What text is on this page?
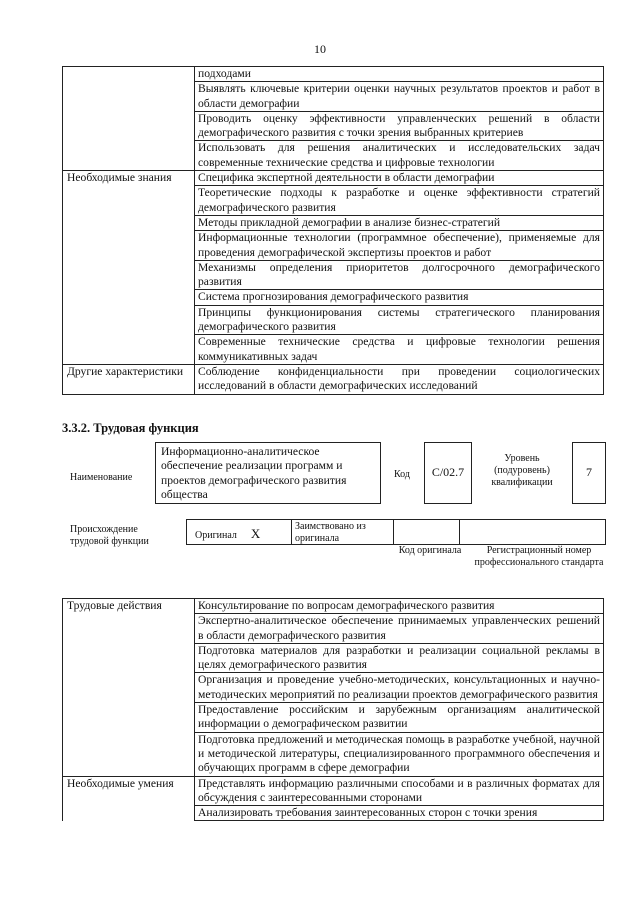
10
	подходами
	Выявлять ключевые критерии оценки научных результатов проектов и работ в области демографии
	Проводить оценку эффективности управленческих решений в области демографического развития с точки зрения выбранных критериев
	Использовать для решения аналитических и исследовательских задач современные технические средства и цифровые технологии
Необходимые знания	Специфика экспертной деятельности в области демографии
	Теоретические подходы к разработке и оценке эффективности стратегий демографического развития
	Методы прикладной демографии в анализе бизнес-стратегий
	Информационные технологии (программное обеспечение), применяемые для проведения демографической экспертизы проектов и работ
	Механизмы определения приоритетов долгосрочного демографического развития
	Система прогнозирования демографического развития
	Принципы функционирования системы стратегического планирования демографического развития
	Современные технические средства и цифровые технологии решения коммуникативных задач
Другие характеристики	Соблюдение конфиденциальности при проведении социологических исследований в области демографических исследований
3.3.2. Трудовая функция
Наименование
Информационно-аналитическое обеспечение реализации программ и проектов демографического развития общества
Код	C/02.7
Уровень (подуровень) квалификации
7
Происхождение трудовой функции
Оригинал X	Заимствовано из оригинала
Код оригинала	Регистрационный номер профессионального стандарта
Трудовые действия	Консультирование по вопросам демографического развития
	Экспертно-аналитическое обеспечение принимаемых управленческих решений в области демографического развития
	Подготовка материалов для разработки и реализации социальной рекламы в целях демографического развития
	Организация и проведение учебно-методических, консультационных и научно-методических мероприятий по реализации проектов демографического развития
	Предоставление российским и зарубежным организациям аналитической информации о демографическом развитии
	Подготовка предложений и методическая помощь в разработке учебной, научной и методической литературы, специализированного программного обеспечения и обучающих программ в сфере демографии
Необходимые умения	Представлять информацию различными способами и в различных форматах для обсуждения с заинтересованными сторонами
	Анализировать требования заинтересованных сторон с точки зрения
